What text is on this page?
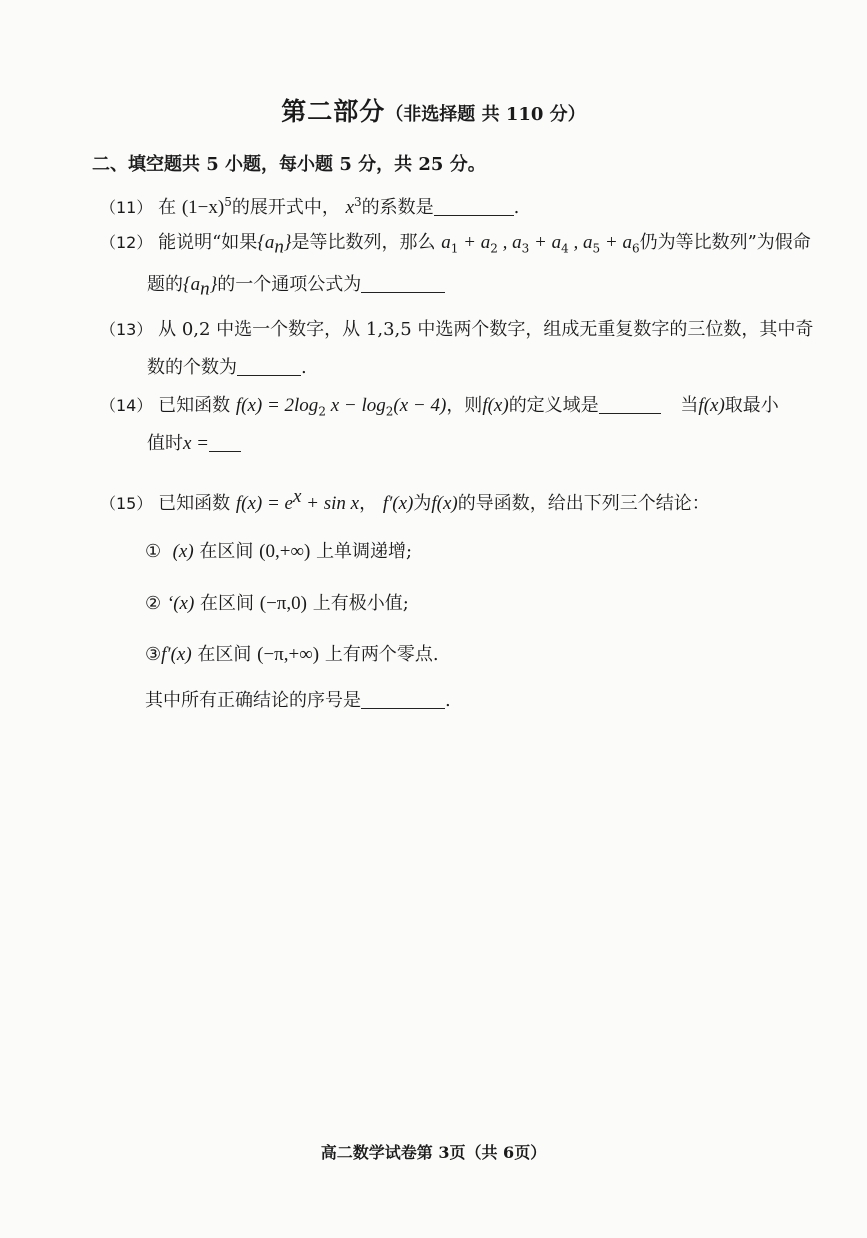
第二部分（非选择题 共 110 分）
二、填空题共 5 小题，每小题 5 分，共 25 分。
（11） 在 $(1-x)^5$的展开式中， $x^3$的系数是	.
（12） 能说明“如果$\{a_n\}$是等比数列，那么 $a_1 + a_2$ , $a_3 + a_4$ , $a_5 + a_6$仍为等比数列”为假命
题的$\{a_n\}$的一个通项公式为
（13） 从 0,2 中选一个数字，从 1,3,5 中选两个数字，组成无重复数字的三位数，其中奇
数的个数为	.
（14） 已知函数 $f(x) = 2\log_2$ $x - \log_2(x - 4)$，则f(x)的定义域是	当f(x)取最小
值时x =
（15） 已知函数 $f(x) = e^x + \sin x$， f′(x)为f(x)的导函数，给出下列三个结论：
① (x) 在区间 (0,+∞) 上单调递增;
② ‘(x) 在区间 (−π,0) 上有极小值;
③f′(x) 在区间 (−π,+∞) 上有两个零点.
其中所有正确结论的序号是	.
高二数学试卷第 3页（共 6页）
